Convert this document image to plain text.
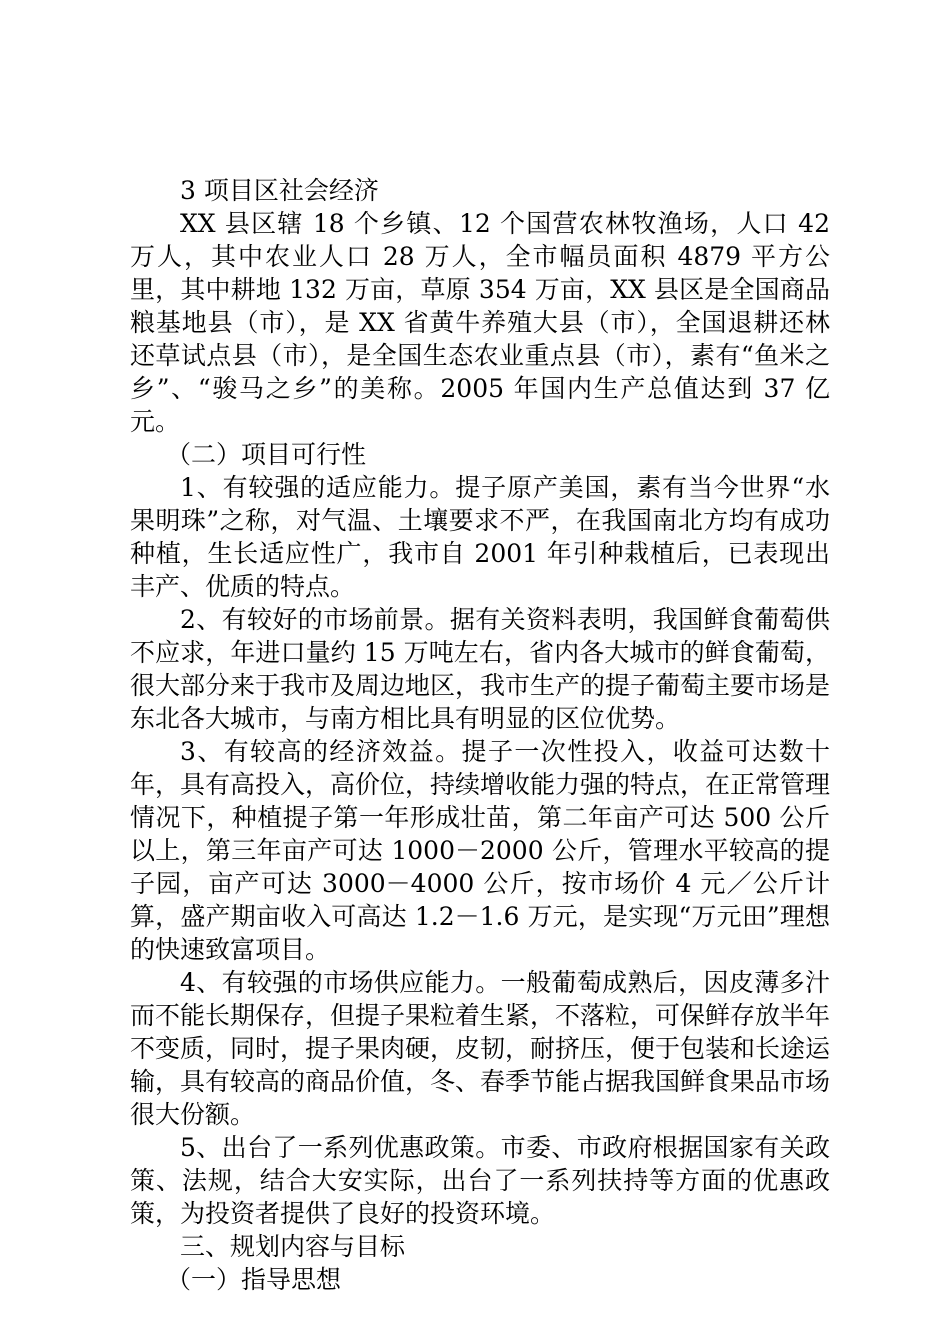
3 项目区社会经济

XX 县区辖 18 个乡镇、12 个国营农林牧渔场，人口 42 万人，其中农业人口 28 万人，全市幅员面积 4879 平方公里，其中耕地 132 万亩，草原 354 万亩，XX 县区是全国商品粮基地县（市），是 XX 省黄牛养殖大县（市），全国退耕还林还草试点县（市），是全国生态农业重点县（市），素有“鱼米之乡”、“骏马之乡”的美称。2005 年国内生产总值达到 37 亿元。

（二）项目可行性

1、有较强的适应能力。提子原产美国，素有当今世界“水果明珠”之称，对气温、土壤要求不严，在我国南北方均有成功种植，生长适应性广，我市自 2001 年引种栽植后，已表现出丰产、优质的特点。

2、有较好的市场前景。据有关资料表明，我国鲜食葡萄供不应求，年进口量约 15 万吨左右，省内各大城市的鲜食葡萄，很大部分来于我市及周边地区，我市生产的提子葡萄主要市场是东北各大城市，与南方相比具有明显的区位优势。

3、有较高的经济效益。提子一次性投入，收益可达数十年，具有高投入，高价位，持续增收能力强的特点，在正常管理情况下，种植提子第一年形成壮苗，第二年亩产可达 500 公斤以上，第三年亩产可达 1000－2000 公斤，管理水平较高的提子园，亩产可达 3000－4000 公斤，按市场价 4 元／公斤计算，盛产期亩收入可高达 1.2－1.6 万元，是实现“万元田”理想的快速致富项目。

4、有较强的市场供应能力。一般葡萄成熟后，因皮薄多汁而不能长期保存，但提子果粒着生紧，不落粒，可保鲜存放半年不变质，同时，提子果肉硬，皮韧，耐挤压，便于包装和长途运输，具有较高的商品价值，冬、春季节能占据我国鲜食果品市场很大份额。

5、出台了一系列优惠政策。市委、市政府根据国家有关政策、法规，结合大安实际，出台了一系列扶持等方面的优惠政策，为投资者提供了良好的投资环境。

三、规划内容与目标

（一）指导思想
